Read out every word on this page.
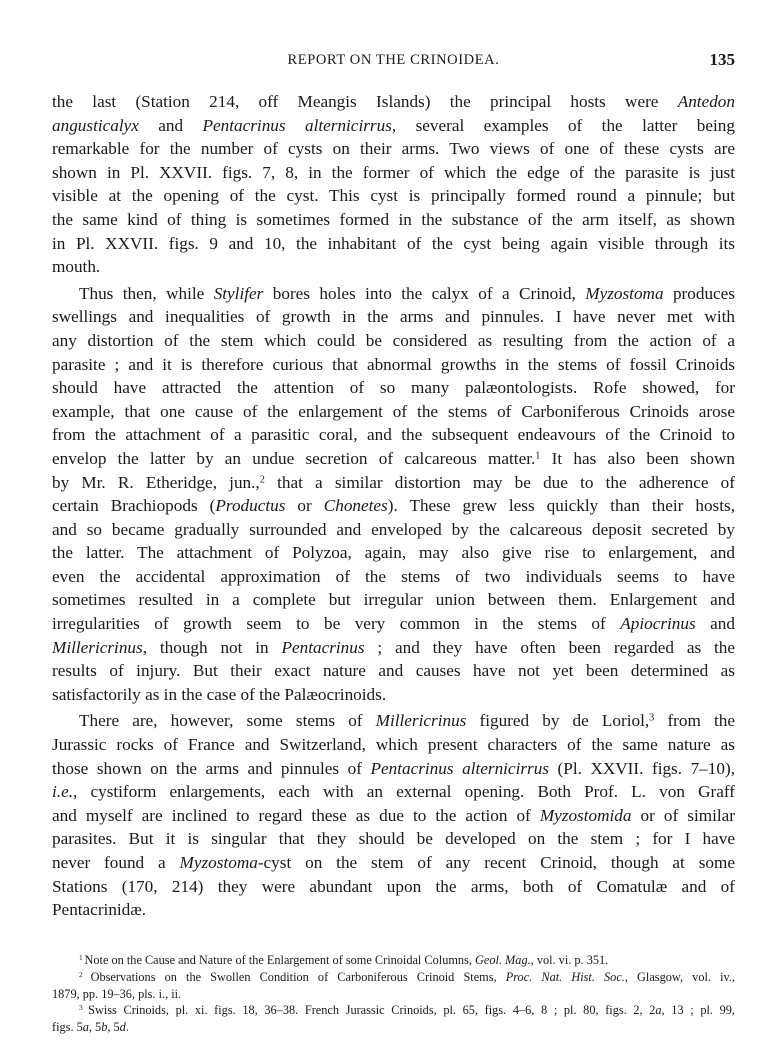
REPORT ON THE CRINOIDEA.	135
the last (Station 214, off Meangis Islands) the principal hosts were Antedon
angusticalyx and Pentacrinus alternicirrus, several examples of the latter being
remarkable for the number of cysts on their arms. Two views of one of these cysts are
shown in Pl. XXVII. figs. 7, 8, in the former of which the edge of the parasite is just
visible at the opening of the cyst. This cyst is principally formed round a pinnule; but
the same kind of thing is sometimes formed in the substance of the arm itself, as shown
in Pl. XXVII. figs. 9 and 10, the inhabitant of the cyst being again visible through its
mouth.
Thus then, while Stylifer bores holes into the calyx of a Crinoid, Myzostoma produces
swellings and inequalities of growth in the arms and pinnules. I have never met with
any distortion of the stem which could be considered as resulting from the action of a
parasite ; and it is therefore curious that abnormal growths in the stems of fossil Crinoids
should have attracted the attention of so many palæontologists. Rofe showed, for
example, that one cause of the enlargement of the stems of Carboniferous Crinoids arose
from the attachment of a parasitic coral, and the subsequent endeavours of the Crinoid to
envelop the latter by an undue secretion of calcareous matter.$^1$ It has also been shown
by Mr. R. Etheridge, jun.,$^2$ that a similar distortion may be due to the adherence of
certain Brachiopods (Productus or Chonetes). These grew less quickly than their hosts,
and so became gradually surrounded and enveloped by the calcareous deposit secreted by
the latter. The attachment of Polyzoa, again, may also give rise to enlargement, and
even the accidental approximation of the stems of two individuals seems to have
sometimes resulted in a complete but irregular union between them. Enlargement and
irregularities of growth seem to be very common in the stems of Apiocrinus and
Millericrinus, though not in Pentacrinus ; and they have often been regarded as the
results of injury. But their exact nature and causes have not yet been determined as
satisfactorily as in the case of the Palæocrinoids.
There are, however, some stems of Millericrinus figured by de Loriol,$^3$ from the
Jurassic rocks of France and Switzerland, which present characters of the same nature as
those shown on the arms and pinnules of Pentacrinus alternicirrus (Pl. XXVII. figs. 7–10),
i.e., cystiform enlargements, each with an external opening. Both Prof. L. von Graff
and myself are inclined to regard these as due to the action of Myzostomida or of similar
parasites. But it is singular that they should be developed on the stem ; for I have
never found a Myzostoma-cyst on the stem of any recent Crinoid, though at some
Stations (170, 214) they were abundant upon the arms, both of Comatulæ and of
Pentacrinidæ.
$^1$ Note on the Cause and Nature of the Enlargement of some Crinoidal Columns, Geol. Mag., vol. vi. p. 351.
$^2$ Observations on the Swollen Condition of Carboniferous Crinoid Stems, Proc. Nat. Hist. Soc., Glasgow, vol. iv.,
1879, pp. 19–36, pls. i., ii.
$^3$ Swiss Crinoids, pl. xi. figs. 18, 36–38. French Jurassic Crinoids, pl. 65, figs. 4–6, 8 ; pl. 80, figs. 2, 2a, 13 ; pl. 99,
figs. 5a, 5b, 5d.
